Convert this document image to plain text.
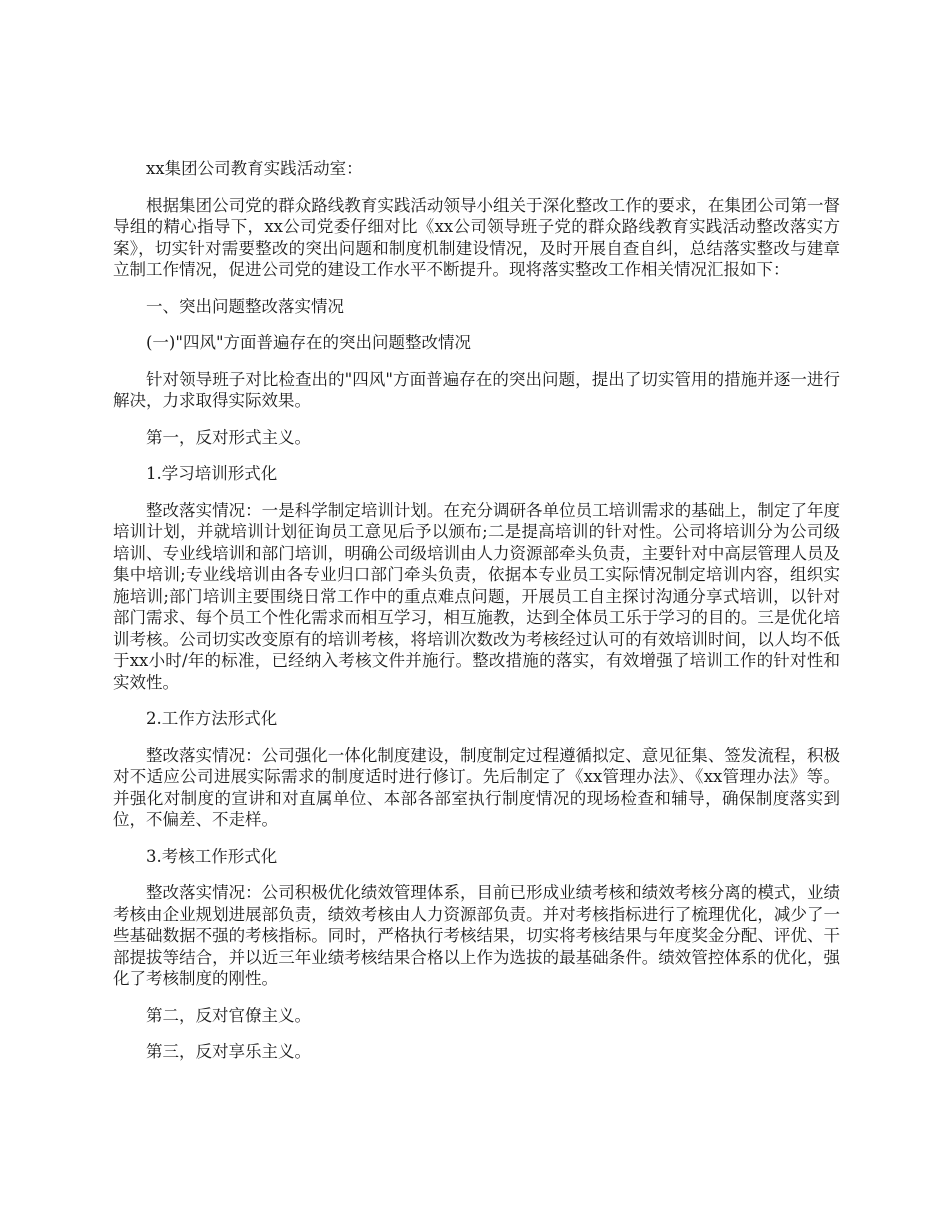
xx集团公司教育实践活动室：

根据集团公司党的群众路线教育实践活动领导小组关于深化整改工作的要求，在集团公司第一督导组的精心指导下，xx公司党委仔细对比《xx公司领导班子党的群众路线教育实践活动整改落实方案》，切实针对需要整改的突出问题和制度机制建设情况，及时开展自查自纠，总结落实整改与建章立制工作情况，促进公司党的建设工作水平不断提升。现将落实整改工作相关情况汇报如下：

一、突出问题整改落实情况

(一)"四风"方面普遍存在的突出问题整改情况

针对领导班子对比检查出的"四风"方面普遍存在的突出问题，提出了切实管用的措施并逐一进行解决，力求取得实际效果。

第一，反对形式主义。

1.学习培训形式化

整改落实情况：一是科学制定培训计划。在充分调研各单位员工培训需求的基础上，制定了年度培训计划，并就培训计划征询员工意见后予以颁布;二是提高培训的针对性。公司将培训分为公司级培训、专业线培训和部门培训，明确公司级培训由人力资源部牵头负责，主要针对中高层管理人员及集中培训;专业线培训由各专业归口部门牵头负责，依据本专业员工实际情况制定培训内容，组织实施培训;部门培训主要围绕日常工作中的重点难点问题，开展员工自主探讨沟通分享式培训，以针对部门需求、每个员工个性化需求而相互学习，相互施教，达到全体员工乐于学习的目的。三是优化培训考核。公司切实改变原有的培训考核，将培训次数改为考核经过认可的有效培训时间，以人均不低于xx小时/年的标准，已经纳入考核文件并施行。整改措施的落实，有效增强了培训工作的针对性和实效性。

2.工作方法形式化

整改落实情况：公司强化一体化制度建设，制度制定过程遵循拟定、意见征集、签发流程，积极对不适应公司进展实际需求的制度适时进行修订。先后制定了《xx管理办法》、《xx管理办法》等。并强化对制度的宣讲和对直属单位、本部各部室执行制度情况的现场检查和辅导，确保制度落实到位，不偏差、不走样。

3.考核工作形式化

整改落实情况：公司积极优化绩效管理体系，目前已形成业绩考核和绩效考核分离的模式，业绩考核由企业规划进展部负责，绩效考核由人力资源部负责。并对考核指标进行了梳理优化，减少了一些基础数据不强的考核指标。同时，严格执行考核结果，切实将考核结果与年度奖金分配、评优、干部提拔等结合，并以近三年业绩考核结果合格以上作为选拔的最基础条件。绩效管控体系的优化，强化了考核制度的刚性。

第二，反对官僚主义。

第三，反对享乐主义。
